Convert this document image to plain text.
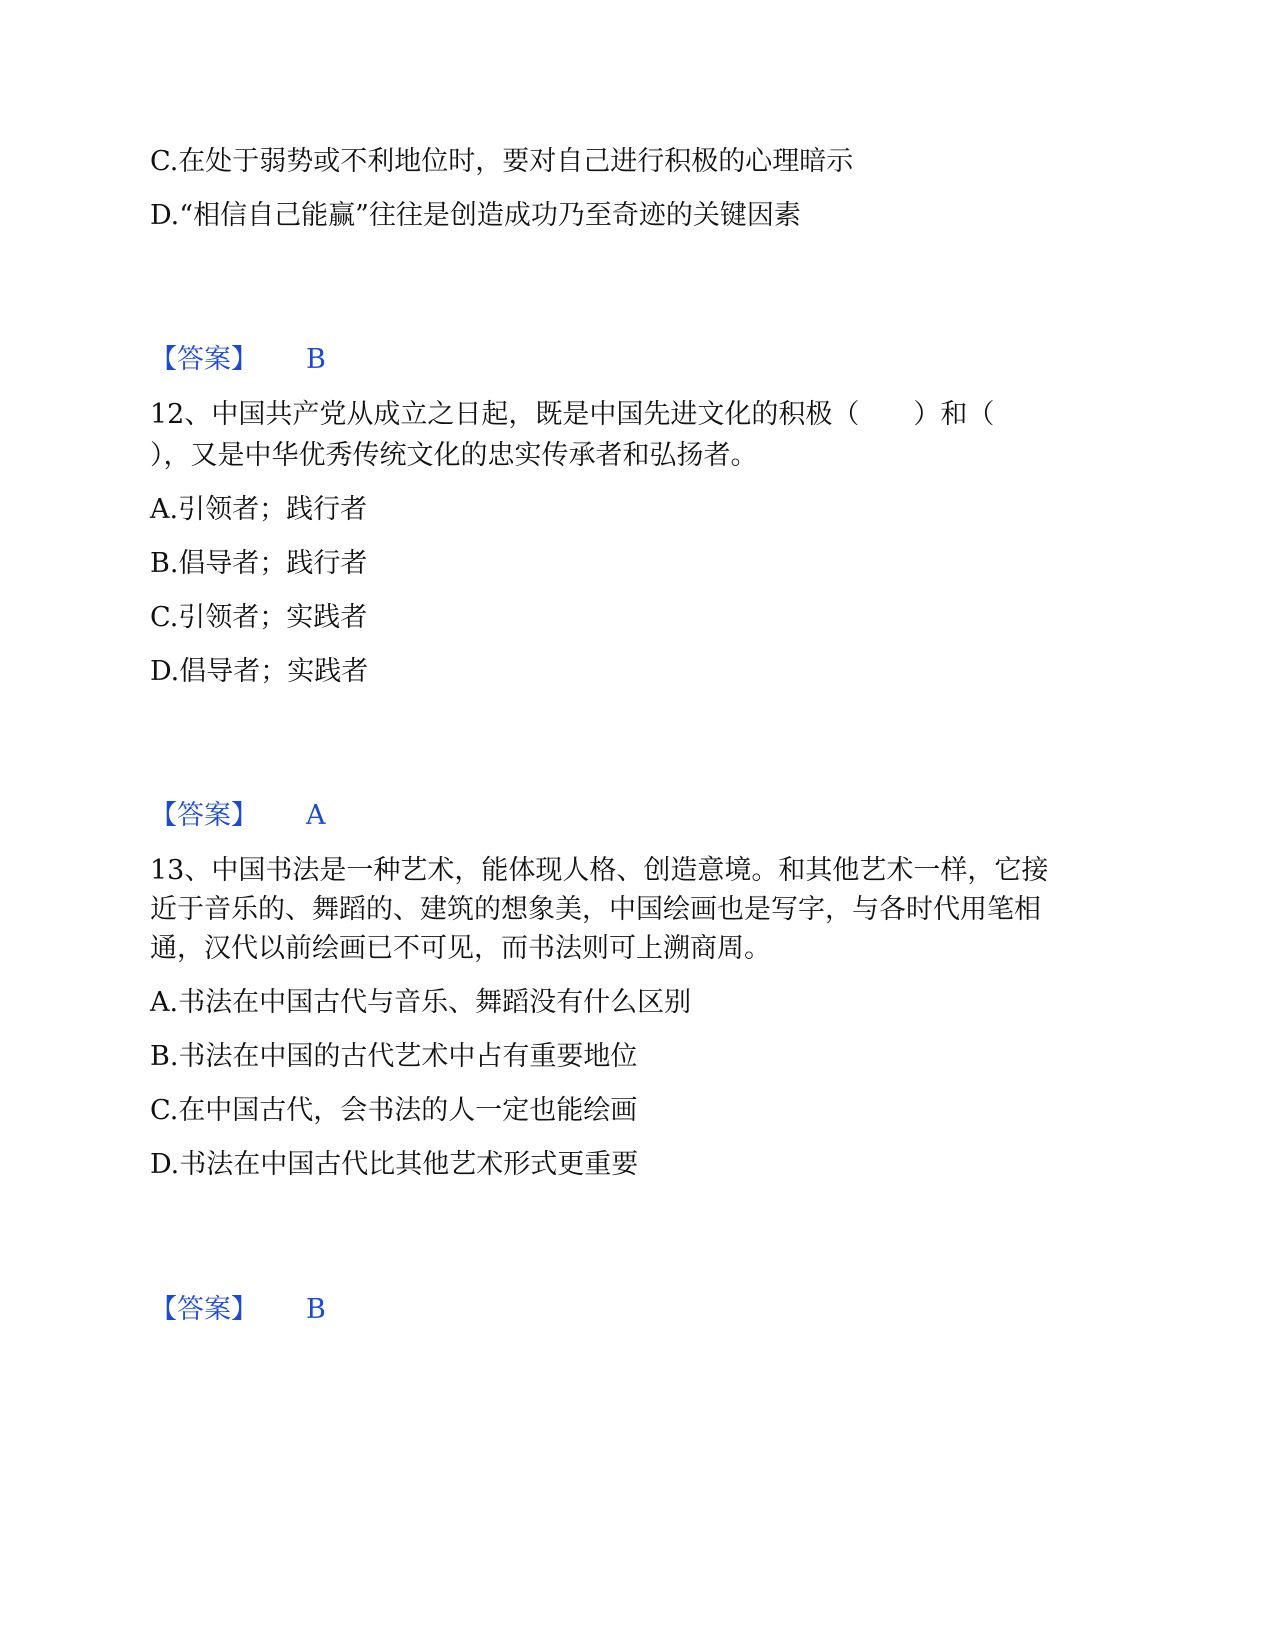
C.在处于弱势或不利地位时，要对自己进行积极的心理暗示
D.“相信自己能赢”往往是创造成功乃至奇迹的关键因素
【答案】 B
12、中国共产党从成立之日起，既是中国先进文化的积极（　　）和（
），又是中华优秀传统文化的忠实传承者和弘扬者。
A.引领者；践行者
B.倡导者；践行者
C.引领者；实践者
D.倡导者；实践者
【答案】 A
13、中国书法是一种艺术，能体现人格、创造意境。和其他艺术一样，它接
近于音乐的、舞蹈的、建筑的想象美，中国绘画也是写字，与各时代用笔相
通，汉代以前绘画已不可见，而书法则可上溯商周。
A.书法在中国古代与音乐、舞蹈没有什么区别
B.书法在中国的古代艺术中占有重要地位
C.在中国古代，会书法的人一定也能绘画
D.书法在中国古代比其他艺术形式更重要
【答案】 B
